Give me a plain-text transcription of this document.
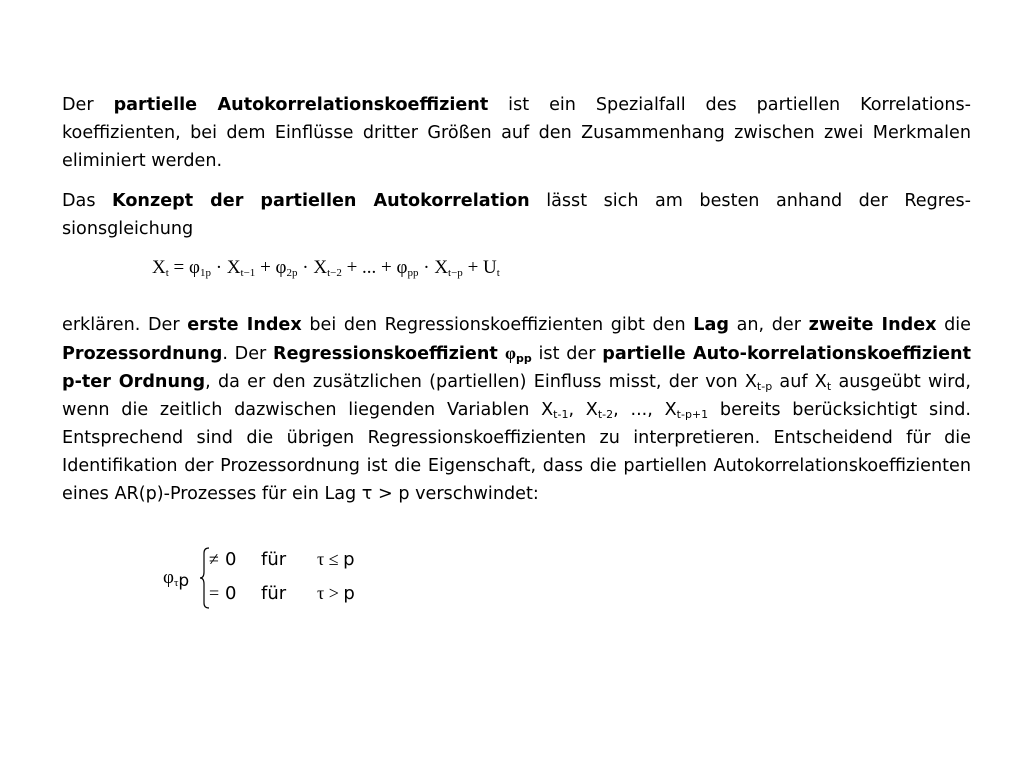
Der partielle Autokorrelationskoeffizient ist ein Spezialfall des partiellen Korrelations-koeffizienten, bei dem Einflüsse dritter Größen auf den Zusammenhang zwischen zwei Merkmalen eliminiert werden.

Das Konzept der partiellen Autokorrelation lässt sich am besten anhand der Regres-sionsgleichung

$X_t = \varphi_{1p} \cdot X_{t-1} + \varphi_{2p} \cdot X_{t-2}$ + ... + $\varphi_{pp} \cdot X_{t-p} + U_t$

erklären. Der erste Index bei den Regressionskoeffizienten gibt den Lag an, der zweite Index die Prozessordnung. Der Regressionskoeffizient $\varphi_{pp}$ ist der partielle Auto-korrelationskoeffizient p-ter Ordnung, da er den zusätzlichen (partiellen) Einfluss misst, der von $X_{t-p}$ auf $X_t$ ausgeübt wird, wenn die zeitlich dazwischen liegenden Variablen $X_{t-1}$, $X_{t-2}$, ..., $X_{t-p+1}$ bereits berücksichtigt sind. Entsprechend sind die übrigen Regressionskoeffizienten zu interpretieren. Entscheidend für die Identifikation der Prozessordnung ist die Eigenschaft, dass die partiellen Autokorrelationskoeffizienten eines AR(p)-Prozesses für ein Lag τ > p verschwindet:

$\varphi_{\tau p}$
≠0 für τ ≤ p
=0 für τ > p
